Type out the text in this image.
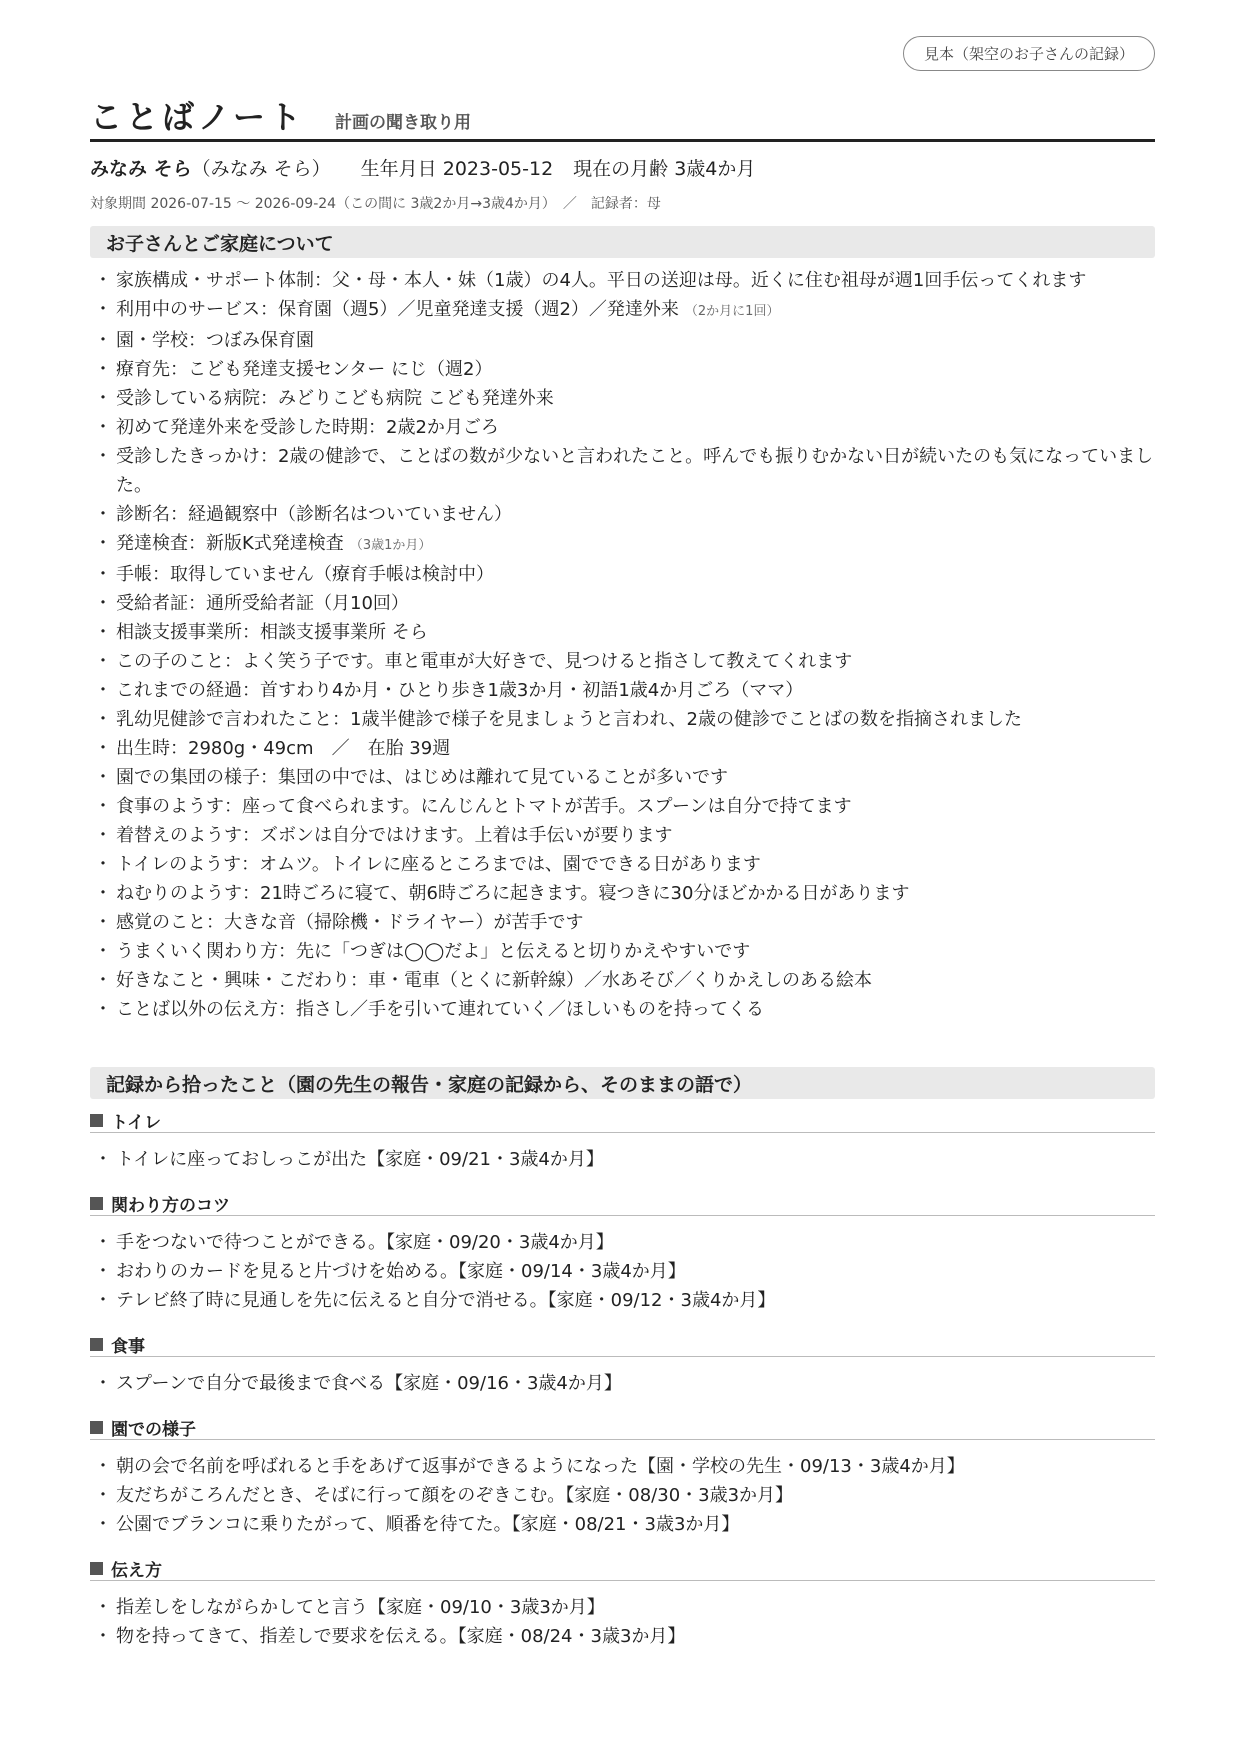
見本（架空のお子さんの記録）
ことばノート 計画の聞き取り用
みなみ そら（みなみ そら） 生年月日 2023-05-12 現在の月齢 3歳4か月
対象期間 2026-07-15 〜 2026-09-24（この間に 3歳2か月→3歳4か月）　／　記録者：母
お子さんとご家庭について
・ 家族構成・サポート体制：父・母・本人・妹（1歳）の4人。平日の送迎は母。近くに住む祖母が週1回手伝ってくれます
・ 利用中のサービス：保育園（週5）／児童発達支援（週2）／発達外来 （2か月に1回）
・ 園・学校：つぼみ保育園
・ 療育先：こども発達支援センター にじ（週2）
・ 受診している病院：みどりこども病院 こども発達外来
・ 初めて発達外来を受診した時期：2歳2か月ごろ
・ 受診したきっかけ：2歳の健診で、ことばの数が少ないと言われたこと。呼んでも振りむかない日が続いたのも気になっていました。
・ 診断名：経過観察中（診断名はついていません）
・ 発達検査：新版K式発達検査 （3歳1か月）
・ 手帳：取得していません（療育手帳は検討中）
・ 受給者証：通所受給者証（月10回）
・ 相談支援事業所：相談支援事業所 そら
・ この子のこと：よく笑う子です。車と電車が大好きで、見つけると指さして教えてくれます
・ これまでの経過：首すわり4か月・ひとり歩き1歳3か月・初語1歳4か月ごろ（ママ）
・ 乳幼児健診で言われたこと：1歳半健診で様子を見ましょうと言われ、2歳の健診でことばの数を指摘されました
・ 出生時：2980g・49cm　／　在胎 39週
・ 園での集団の様子：集団の中では、はじめは離れて見ていることが多いです
・ 食事のようす：座って食べられます。にんじんとトマトが苦手。スプーンは自分で持てます
・ 着替えのようす：ズボンは自分ではけます。上着は手伝いが要ります
・ トイレのようす：オムツ。トイレに座るところまでは、園でできる日があります
・ ねむりのようす：21時ごろに寝て、朝6時ごろに起きます。寝つきに30分ほどかかる日があります
・ 感覚のこと：大きな音（掃除機・ドライヤー）が苦手です
・ うまくいく関わり方：先に「つぎは◯◯だよ」と伝えると切りかえやすいです
・ 好きなこと・興味・こだわり：車・電車（とくに新幹線）／水あそび／くりかえしのある絵本
・ ことば以外の伝え方：指さし／手を引いて連れていく／ほしいものを持ってくる
記録から拾ったこと（園の先生の報告・家庭の記録から、そのままの語で）
トイレ
・ トイレに座っておしっこが出た【家庭・09/21・3歳4か月】
関わり方のコツ
・ 手をつないで待つことができる。【家庭・09/20・3歳4か月】
・ おわりのカードを見ると片づけを始める。【家庭・09/14・3歳4か月】
・ テレビ終了時に見通しを先に伝えると自分で消せる。【家庭・09/12・3歳4か月】
食事
・ スプーンで自分で最後まで食べる【家庭・09/16・3歳4か月】
園での様子
・ 朝の会で名前を呼ばれると手をあげて返事ができるようになった【園・学校の先生・09/13・3歳4か月】
・ 友だちがころんだとき、そばに行って顔をのぞきこむ。【家庭・08/30・3歳3か月】
・ 公園でブランコに乗りたがって、順番を待てた。【家庭・08/21・3歳3か月】
伝え方
・ 指差しをしながらかしてと言う【家庭・09/10・3歳3か月】
・ 物を持ってきて、指差しで要求を伝える。【家庭・08/24・3歳3か月】
